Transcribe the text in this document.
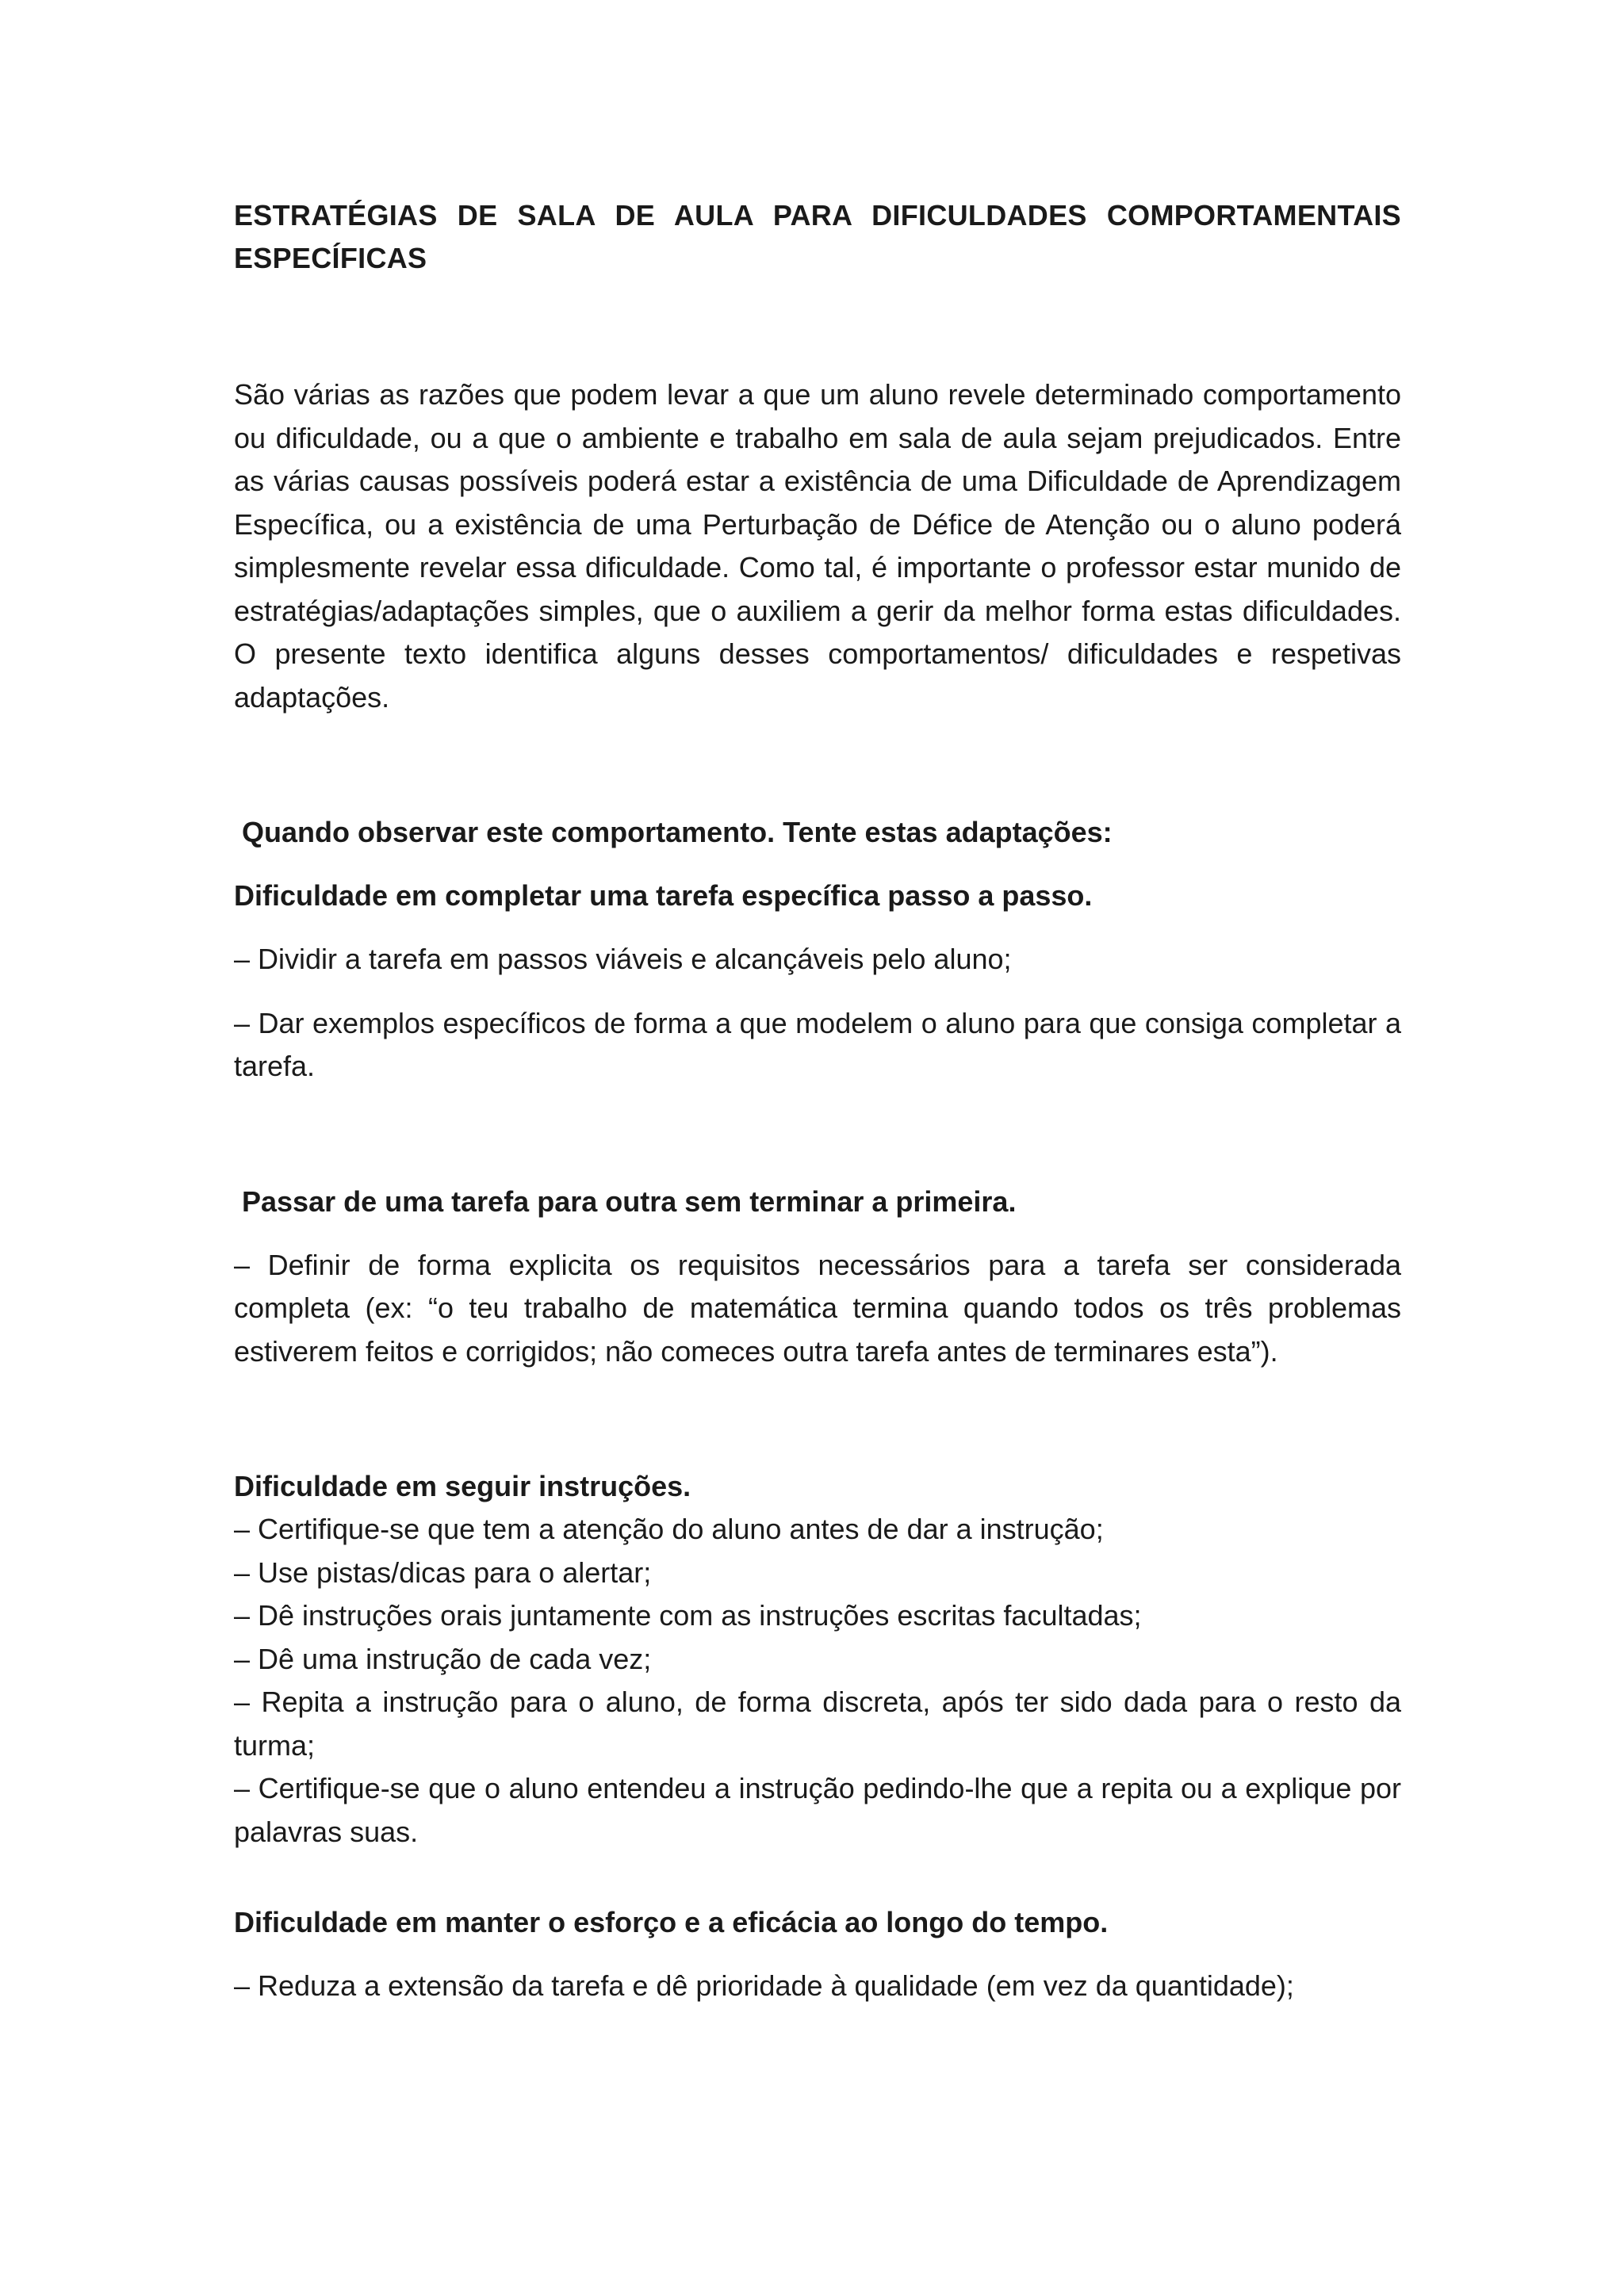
ESTRATÉGIAS DE SALA DE AULA PARA DIFICULDADES COMPORTAMENTAIS
ESPECÍFICAS

São várias as razões que podem levar a que um aluno revele determinado comportamento ou dificuldade, ou a que o ambiente e trabalho em sala de aula sejam prejudicados. Entre as várias causas possíveis poderá estar a existência de uma Dificuldade de Aprendizagem Específica, ou a existência de uma Perturbação de Défice de Atenção ou o aluno poderá simplesmente revelar essa dificuldade. Como tal, é importante o professor estar munido de estratégias/adaptações simples, que o auxiliem a gerir da melhor forma estas dificuldades. O presente texto identifica alguns desses comportamentos/ dificuldades e respetivas adaptações.

Quando observar este comportamento. Tente estas adaptações:

Dificuldade em completar uma tarefa específica passo a passo.

– Dividir a tarefa em passos viáveis e alcançáveis pelo aluno;

– Dar exemplos específicos de forma a que modelem o aluno para que consiga completar a tarefa.

Passar de uma tarefa para outra sem terminar a primeira.

– Definir de forma explicita os requisitos necessários para a tarefa ser considerada completa (ex: “o teu trabalho de matemática termina quando todos os três problemas estiverem feitos e corrigidos; não comeces outra tarefa antes de terminares esta”).

Dificuldade em seguir instruções.

– Certifique-se que tem a atenção do aluno antes de dar a instrução;

– Use pistas/dicas para o alertar;

– Dê instruções orais juntamente com as instruções escritas facultadas;

– Dê uma instrução de cada vez;

– Repita a instrução para o aluno, de forma discreta, após ter sido dada para o resto da turma;

– Certifique-se que o aluno entendeu a instrução pedindo-lhe que a repita ou a explique por palavras suas.

Dificuldade em manter o esforço e a eficácia ao longo do tempo.

– Reduza a extensão da tarefa e dê prioridade à qualidade (em vez da quantidade);
